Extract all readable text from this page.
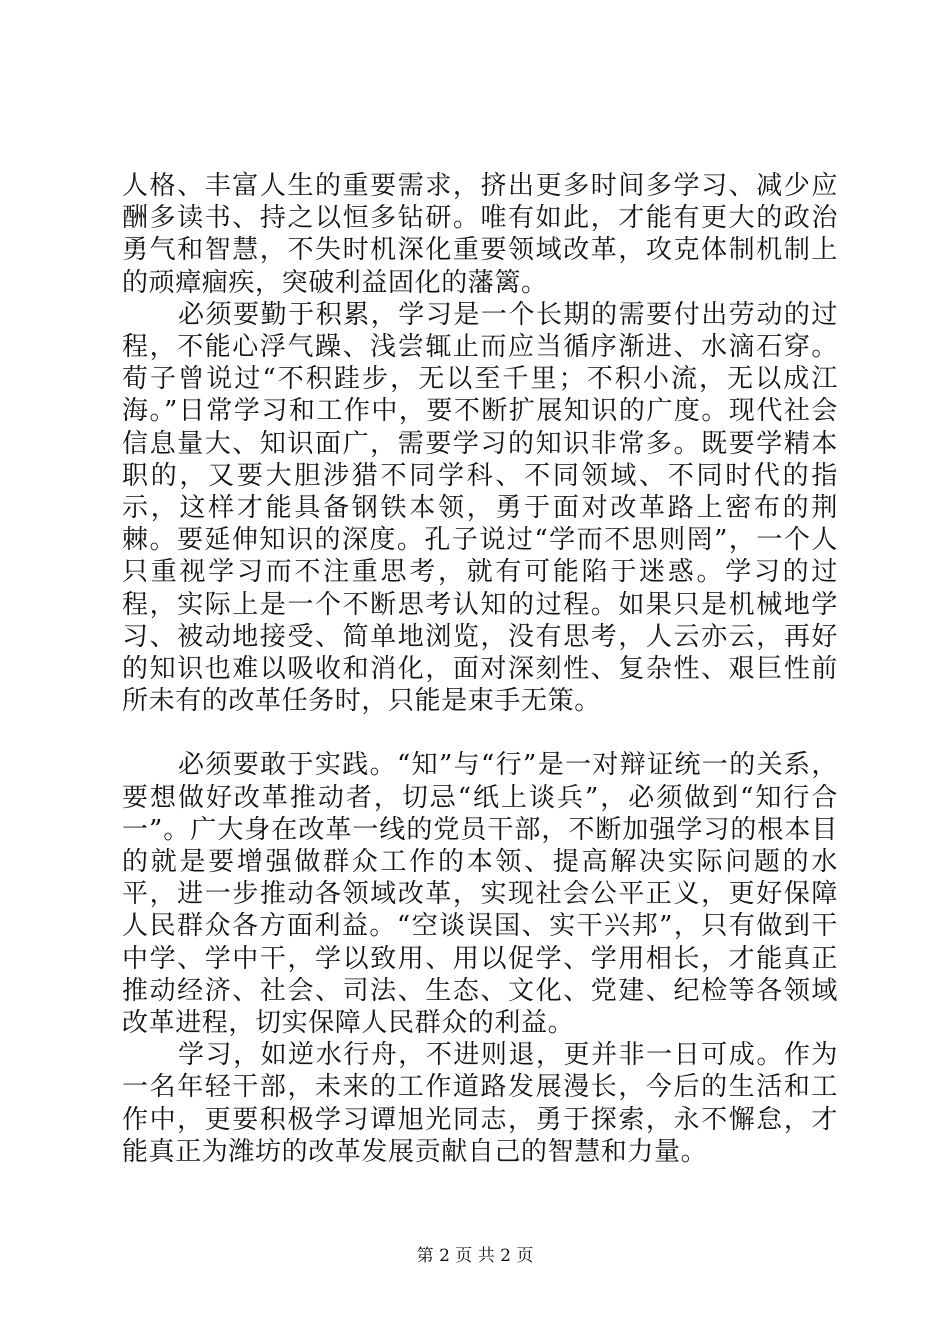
人格、丰富人生的重要需求，挤出更多时间多学习、减少应酬多读书、持之以恒多钻研。唯有如此，才能有更大的政治勇气和智慧，不失时机深化重要领域改革，攻克体制机制上的顽瘴痼疾，突破利益固化的藩篱。

必须要勤于积累，学习是一个长期的需要付出劳动的过程，不能心浮气躁、浅尝辄止而应当循序渐进、水滴石穿。荀子曾说过“不积跬步，无以至千里；不积小流，无以成江海。”日常学习和工作中，要不断扩展知识的广度。现代社会信息量大、知识面广，需要学习的知识非常多。既要学精本职的，又要大胆涉猎不同学科、不同领域、不同时代的指示，这样才能具备钢铁本领，勇于面对改革路上密布的荆棘。要延伸知识的深度。孔子说过“学而不思则罔”，一个人只重视学习而不注重思考，就有可能陷于迷惑。学习的过程，实际上是一个不断思考认知的过程。如果只是机械地学习、被动地接受、简单地浏览，没有思考，人云亦云，再好的知识也难以吸收和消化，面对深刻性、复杂性、艰巨性前所未有的改革任务时，只能是束手无策。

必须要敢于实践。“知”与“行”是一对辩证统一的关系，要想做好改革推动者，切忌“纸上谈兵”，必须做到“知行合一”。广大身在改革一线的党员干部，不断加强学习的根本目的就是要增强做群众工作的本领、提高解决实际问题的水平，进一步推动各领域改革，实现社会公平正义，更好保障人民群众各方面利益。“空谈误国、实干兴邦”，只有做到干中学、学中干，学以致用、用以促学、学用相长，才能真正推动经济、社会、司法、生态、文化、党建、纪检等各领域改革进程，切实保障人民群众的利益。

学习，如逆水行舟，不进则退，更并非一日可成。作为一名年轻干部，未来的工作道路发展漫长，今后的生活和工作中，更要积极学习谭旭光同志，勇于探索，永不懈怠，才能真正为潍坊的改革发展贡献自己的智慧和力量。

第 2 页 共 2 页
